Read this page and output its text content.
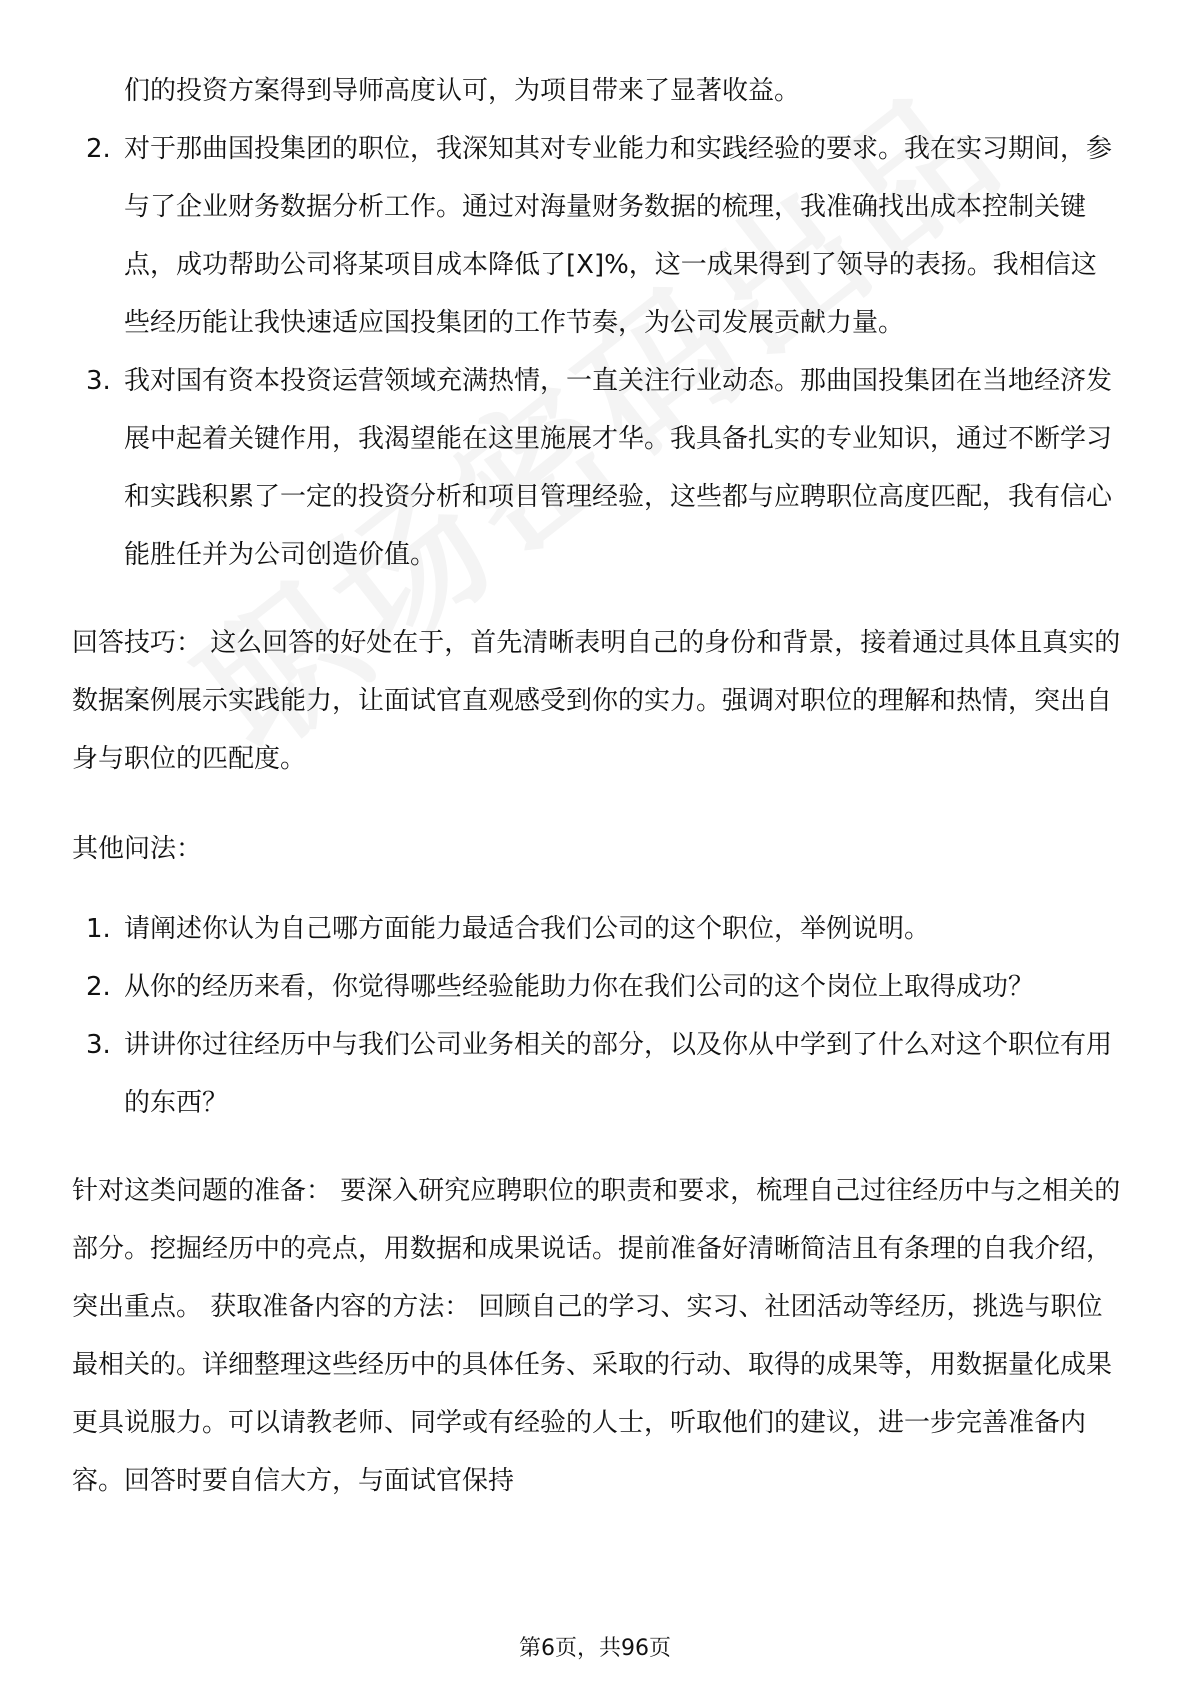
们的投资方案得到导师高度认可，为项目带来了显著收益。
2. 对于那曲国投集团的职位，我深知其对专业能力和实践经验的要求。我在实习期间，参与了企业财务数据分析工作。通过对海量财务数据的梳理，我准确找出成本控制关键点，成功帮助公司将某项目成本降低了[X]%，这一成果得到了领导的表扬。我相信这些经历能让我快速适应国投集团的工作节奏，为公司发展贡献力量。
3. 我对国有资本投资运营领域充满热情，一直关注行业动态。那曲国投集团在当地经济发展中起着关键作用，我渴望能在这里施展才华。我具备扎实的专业知识，通过不断学习和实践积累了一定的投资分析和项目管理经验，这些都与应聘职位高度匹配，我有信心能胜任并为公司创造价值。

回答技巧： 这么回答的好处在于，首先清晰表明自己的身份和背景，接着通过具体且真实的数据案例展示实践能力，让面试官直观感受到你的实力。强调对职位的理解和热情，突出自身与职位的匹配度。

其他问法：

1. 请阐述你认为自己哪方面能力最适合我们公司的这个职位，举例说明。
2. 从你的经历来看，你觉得哪些经验能助力你在我们公司的这个岗位上取得成功？
3. 讲讲你过往经历中与我们公司业务相关的部分，以及你从中学到了什么对这个职位有用的东西？

针对这类问题的准备： 要深入研究应聘职位的职责和要求，梳理自己过往经历中与之相关的部分。挖掘经历中的亮点，用数据和成果说话。提前准备好清晰简洁且有条理的自我介绍，突出重点。 获取准备内容的方法： 回顾自己的学习、实习、社团活动等经历，挑选与职位最相关的。详细整理这些经历中的具体任务、采取的行动、取得的成果等，用数据量化成果更具说服力。可以请教老师、同学或有经验的人士，听取他们的建议，进一步完善准备内容。回答时要自信大方，与面试官保持

第6页，共96页
